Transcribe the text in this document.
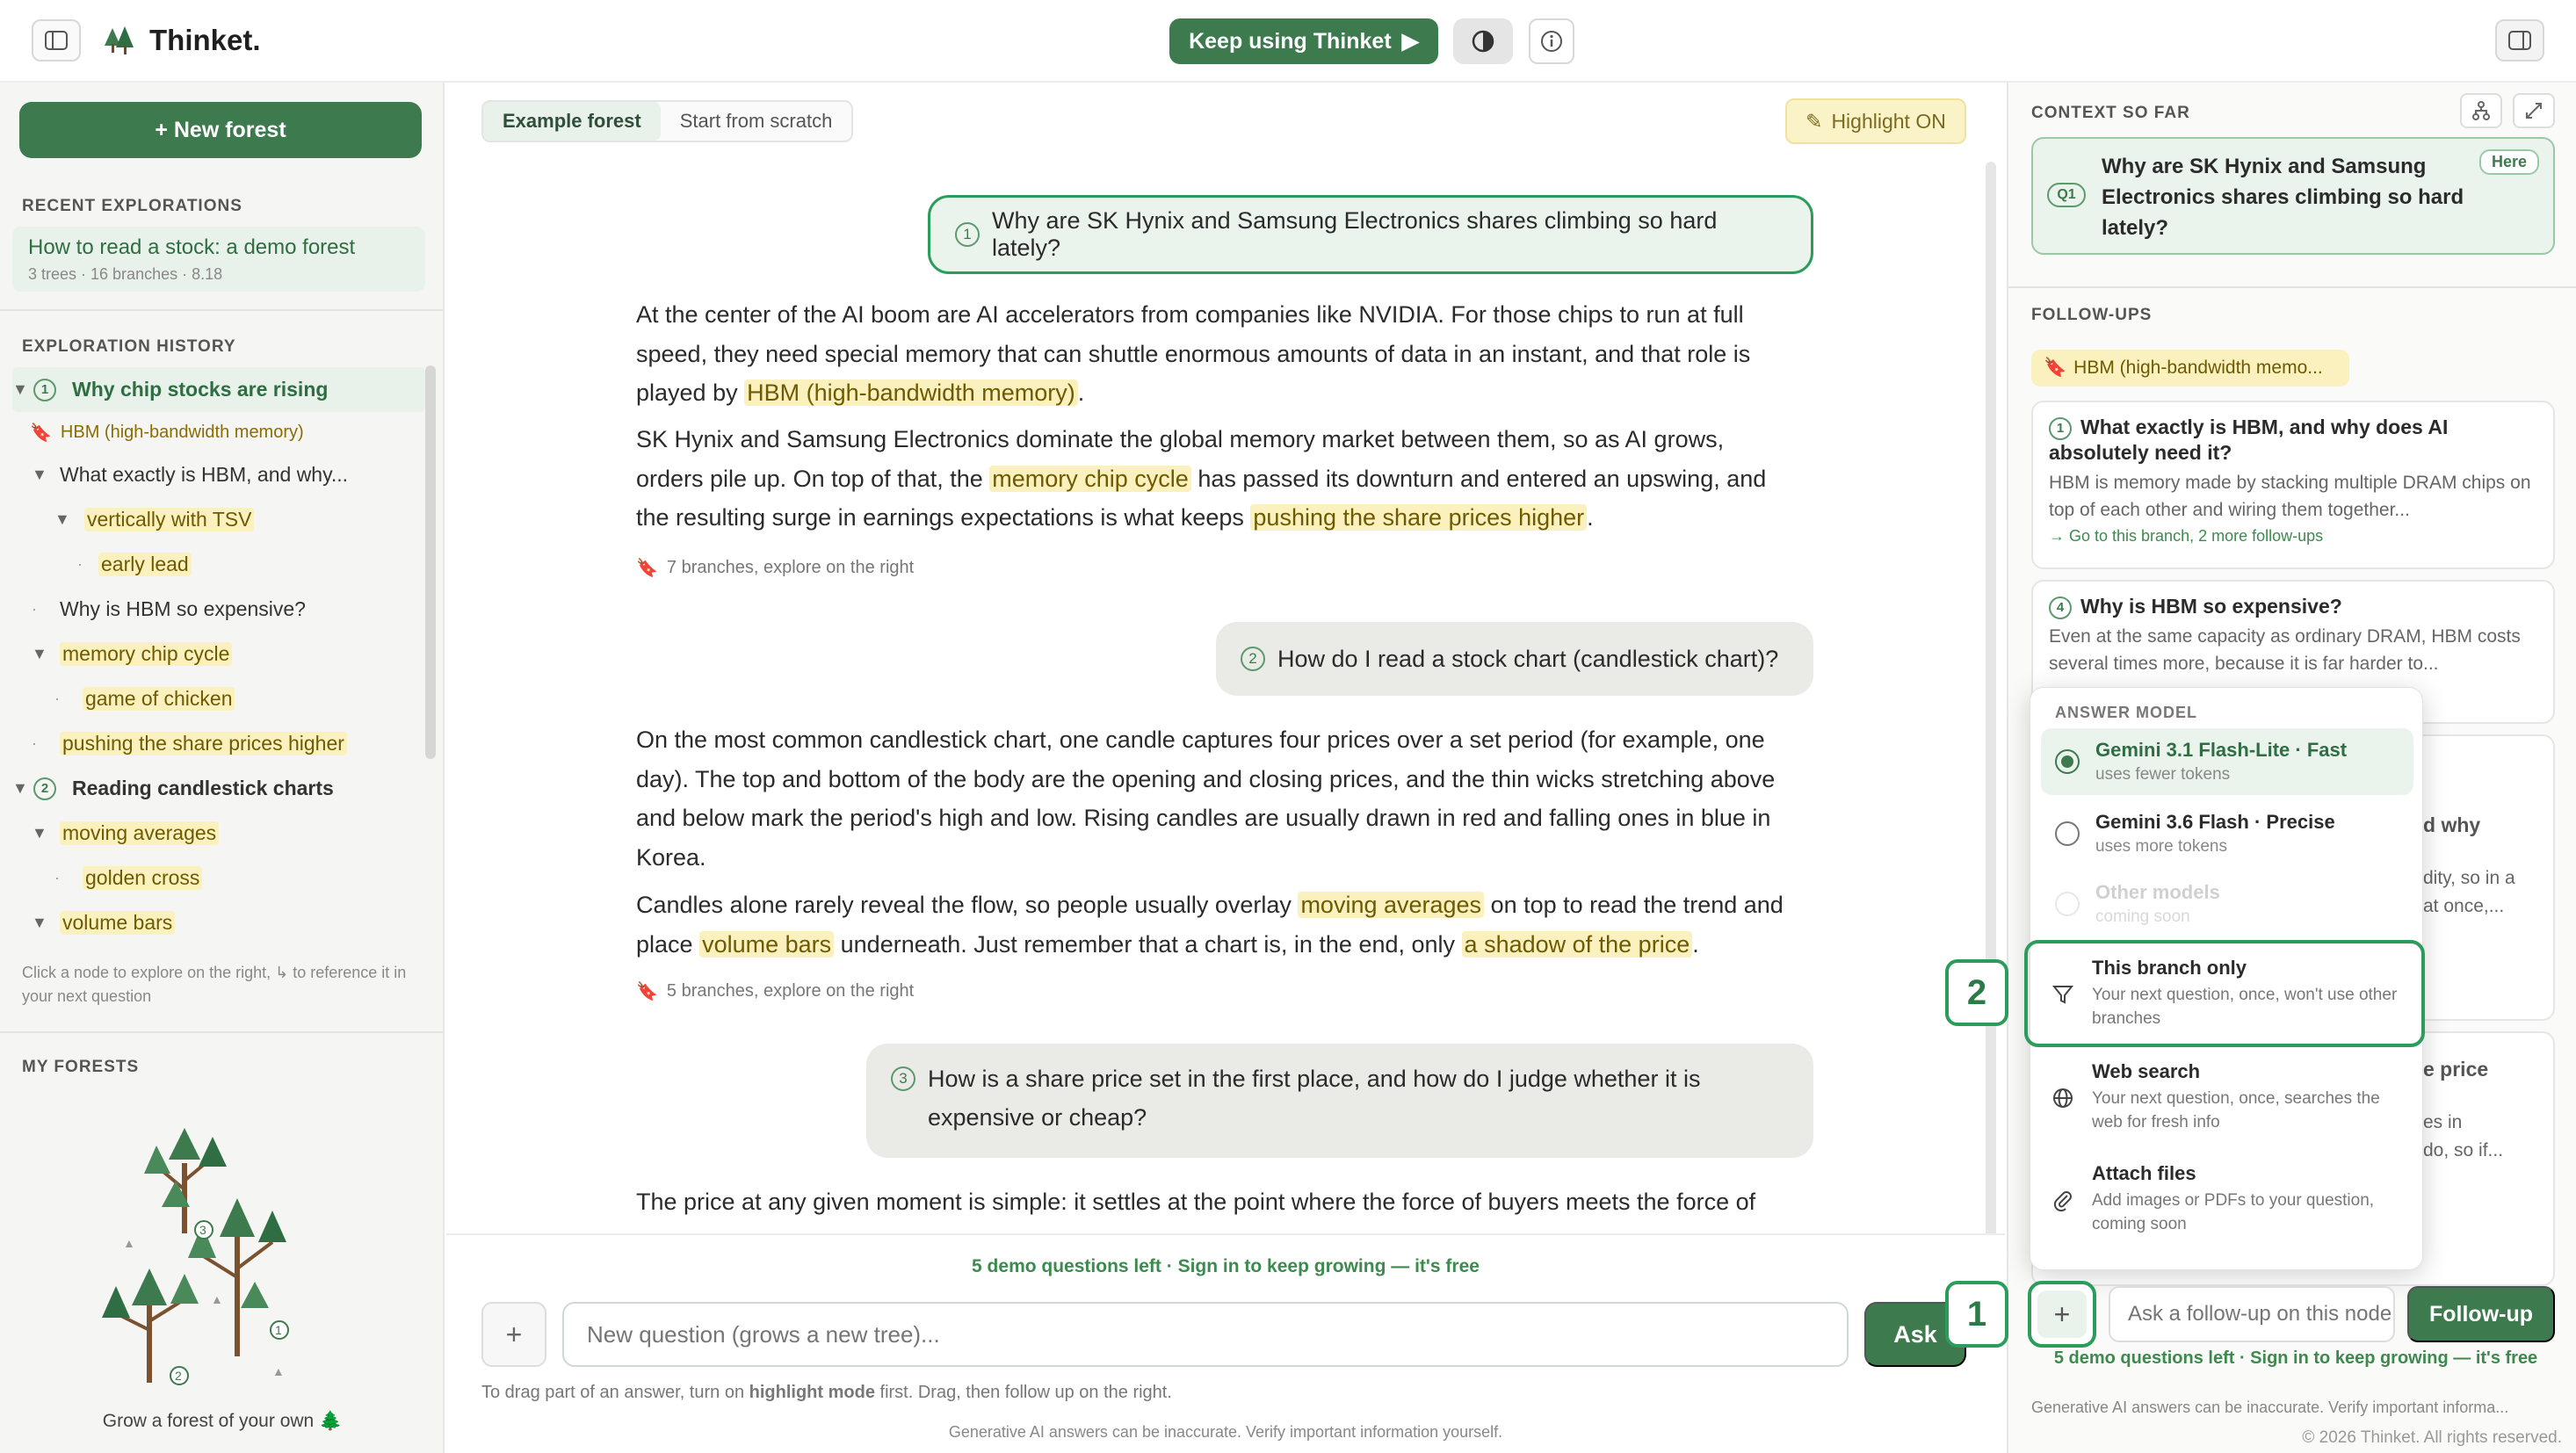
Thinket.	Keep using Thinket ▶
+ New forest
RECENT EXPLORATIONS
How to read a stock: a demo forest
3 trees · 16 branches · 8.18
EXPLORATION HISTORY
▼	1	Why chip stocks are rising
🔖 HBM (high-bandwidth memory)
▼ What exactly is HBM, and why...
▼ vertically with TSV
· early lead
·	Why is HBM so expensive?
▼ memory chip cycle
·	game of chicken
·	pushing the share prices higher
▼	2	Reading candlestick charts
▼ moving averages
·	golden cross
▼ volume bars
Click a node to explore on the right, ↳ to reference it in your next question
MY FORESTS
▲
▲
▲
3
1
2
Grow a forest of your own 🌲
Example forest	Start from scratch	✎ Highlight ON
1
Why are SK Hynix and Samsung Electronics shares climbing so hard lately?
At the center of the AI boom are AI accelerators from companies like NVIDIA. For those chips to run at full speed, they need special memory that can shuttle enormous amounts of data in an instant, and that role is played by HBM (high-bandwidth memory) .
SK Hynix and Samsung Electronics dominate the global memory market between them, so as AI grows, orders pile up. On top of that, the memory chip cycle has passed its downturn and entered an upswing, and the resulting surge in earnings expectations is what keeps pushing the share prices higher .
🔖 7 branches, explore on the right
2 How do I read a stock chart (candlestick chart)?
On the most common candlestick chart, one candle captures four prices over a set period (for example, one day). The top and bottom of the body are the opening and closing prices, and the thin wicks stretching above and below mark the period's high and low. Rising candles are usually drawn in red and falling ones in blue in Korea.
Candles alone rarely reveal the flow, so people usually overlay moving averages on top to read the trend and place volume bars underneath. Just remember that a chart is, in the end, only a shadow of the price .
🔖 5 branches, explore on the right
3 How is a share price set in the first place, and how do I judge whether it is expensive or cheap?
The price at any given moment is simple: it settles at the point where the force of buyers meets the force of
5 demo questions left · Sign in to keep growing — it's free
+
New question (grows a new tree)...	Ask
To drag part of an answer, turn on highlight mode first. Drag, then follow up on the right.
Generative AI answers can be inaccurate. Verify important information yourself.
CONTEXT SO FAR
Q1
Why are SK Hynix and Samsung Electronics shares climbing so hard lately?
Here
FOLLOW-UPS
🔖 HBM (high-bandwidth memo...
1 What exactly is HBM, and why does AI absolutely need it?
HBM is memory made by stacking multiple DRAM chips on top of each other and wiring them together...
→ Go to this branch, 2 more follow-ups
4 Why is HBM so expensive?
Even at the same capacity as ordinary DRAM, HBM costs several times more, because it is far harder to...
d why
dity, so in a
at once,...
e price
es in
do, so if...
ANSWER MODEL
Gemini 3.1 Flash-Lite · Fast
uses fewer tokens
Gemini 3.6 Flash · Precise
uses more tokens
Other models
coming soon
This branch only
Your next question, once, won't use other branches
Web search
Your next question, once, searches the web for fresh info
Attach files
Add images or PDFs to your question, coming soon
2
1	+
Ask a follow-up on this node	Follow-up
5 demo questions left · Sign in to keep growing — it's free
Generative AI answers can be inaccurate. Verify important informa...
© 2026 Thinket. All rights reserved.
